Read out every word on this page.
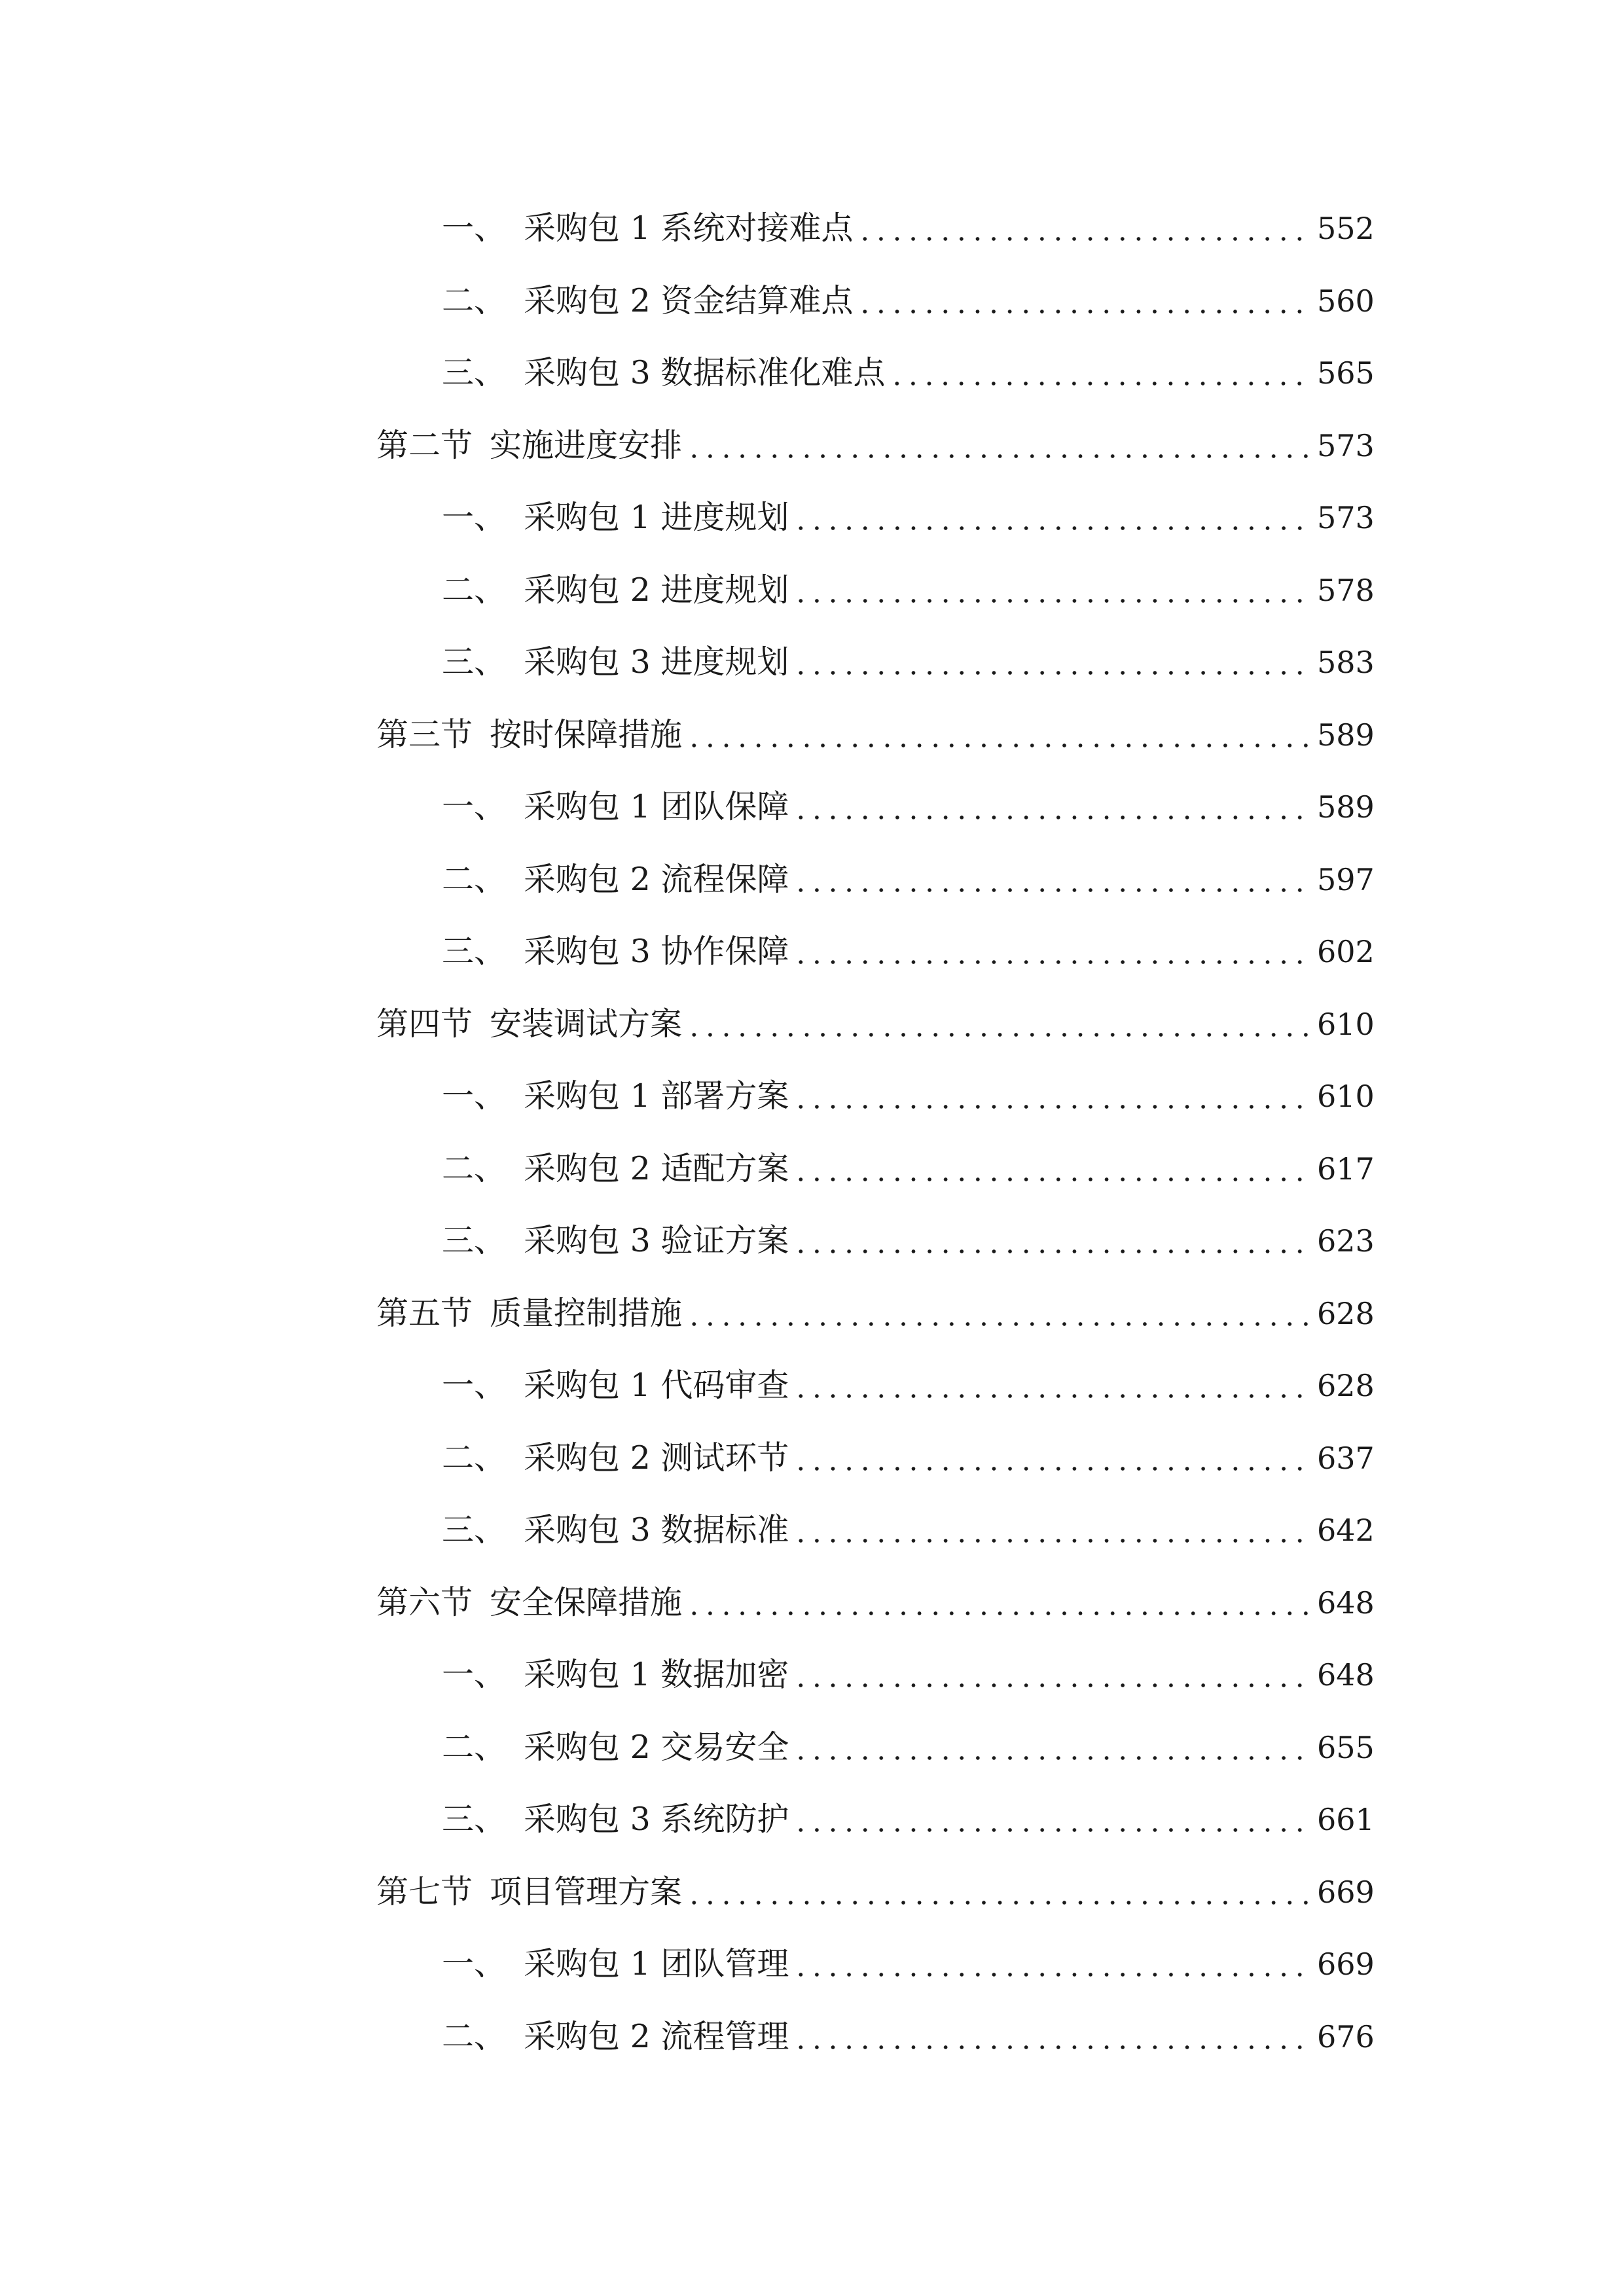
一、 采购包 1 系统对接难点	552
二、 采购包 2 资金结算难点	560
三、 采购包 3 数据标准化难点	565
第二节 实施进度安排	573
一、 采购包 1 进度规划	573
二、 采购包 2 进度规划	578
三、 采购包 3 进度规划	583
第三节 按时保障措施	589
一、 采购包 1 团队保障	589
二、 采购包 2 流程保障	597
三、 采购包 3 协作保障	602
第四节 安装调试方案	610
一、 采购包 1 部署方案	610
二、 采购包 2 适配方案	617
三、 采购包 3 验证方案	623
第五节 质量控制措施	628
一、 采购包 1 代码审查	628
二、 采购包 2 测试环节	637
三、 采购包 3 数据标准	642
第六节 安全保障措施	648
一、 采购包 1 数据加密	648
二、 采购包 2 交易安全	655
三、 采购包 3 系统防护	661
第七节 项目管理方案	669
一、 采购包 1 团队管理	669
二、 采购包 2 流程管理	676
